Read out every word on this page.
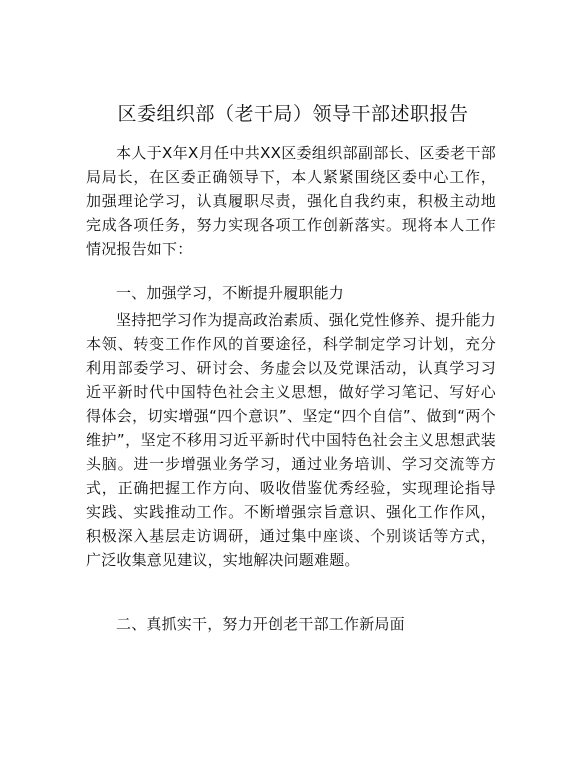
区委组织部（老干局）领导干部述职报告

本人于X年X月任中共XX区委组织部副部长、区委老干部局局长，在区委正确领导下，本人紧紧围绕区委中心工作，加强理论学习，认真履职尽责，强化自我约束，积极主动地完成各项任务，努力实现各项工作创新落实。现将本人工作情况报告如下：

一、加强学习，不断提升履职能力

坚持把学习作为提高政治素质、强化党性修养、提升能力本领、转变工作作风的首要途径，科学制定学习计划，充分利用部委学习、研讨会、务虚会以及党课活动，认真学习习近平新时代中国特色社会主义思想，做好学习笔记、写好心得体会，切实增强“四个意识”、坚定“四个自信”、做到“两个维护”，坚定不移用习近平新时代中国特色社会主义思想武装头脑。进一步增强业务学习，通过业务培训、学习交流等方式，正确把握工作方向、吸收借鉴优秀经验，实现理论指导实践、实践推动工作。不断增强宗旨意识、强化工作作风，积极深入基层走访调研，通过集中座谈、个别谈话等方式，广泛收集意见建议，实地解决问题难题。

二、真抓实干，努力开创老干部工作新局面
